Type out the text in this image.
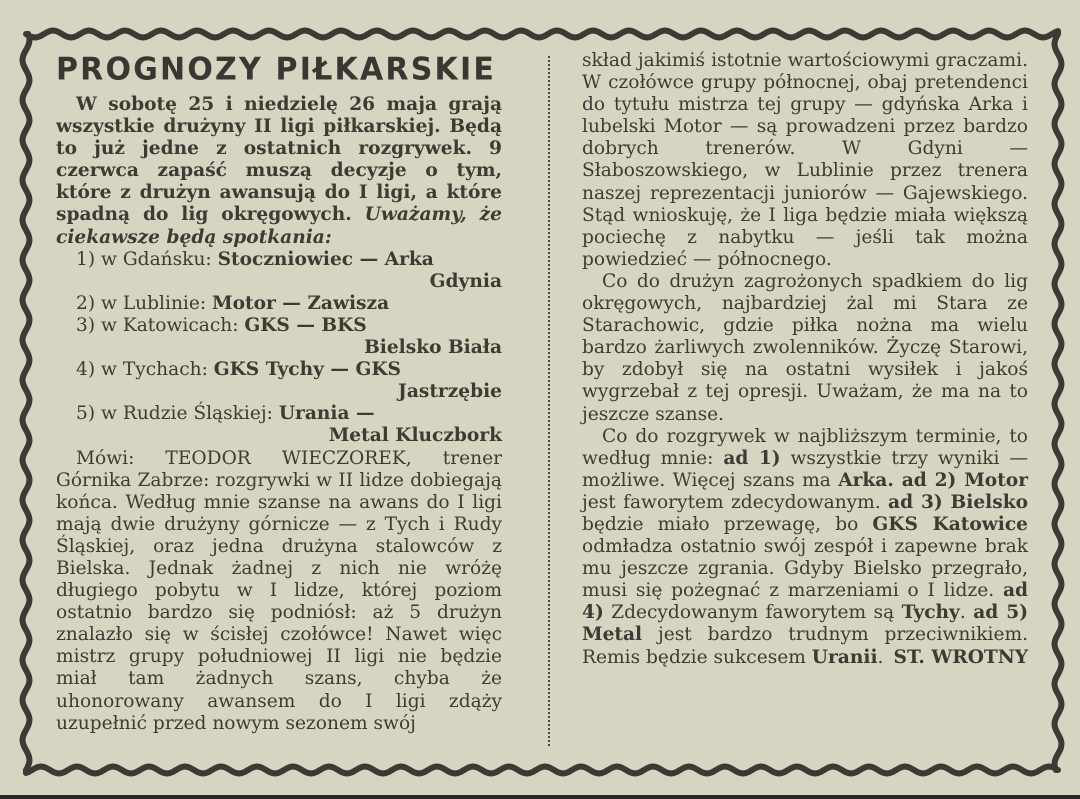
PROGNOZY PIŁKARSKIE

W sobotę 25 i niedzielę 26 maja grają wszystkie drużyny II ligi piłkarskiej. Będą to już jedne z ostatnich rozgrywek. 9 czerwca zapaść muszą decyzje o tym, które z drużyn awansują do I ligi, a które spadną do lig okręgowych. Uważamy, że ciekawsze będą spotkania:

1) w Gdańsku: Stoczniowiec — Arka
Gdynia
2) w Lublinie: Motor — Zawisza
3) w Katowicach: GKS — BKS
Bielsko Biała
4) w Tychach: GKS Tychy — GKS
Jastrzębie
5) w Rudzie Śląskiej: Urania —
Metal Kluczbork

Mówi: TEODOR WIECZOREK, trener Górnika Zabrze: rozgrywki w II lidze dobiegają końca. Według mnie szanse na awans do I ligi mają dwie drużyny górnicze — z Tych i Rudy Śląskiej, oraz jedna drużyna stalowców z Bielska. Jednak żadnej z nich nie wróżę długiego pobytu w I lidze, której poziom ostatnio bardzo się podniósł: aż 5 drużyn znalazło się w ścisłej czołówce! Nawet więc mistrz grupy południowej II ligi nie będzie miał tam żadnych szans, chyba że uhonorowany awansem do I ligi zdąży uzupełnić przed nowym sezonem swój

skład jakimiś istotnie wartościowymi graczami. W czołówce grupy północnej, obaj pretendenci do tytułu mistrza tej grupy — gdyńska Arka i lubelski Motor — są prowadzeni przez bardzo dobrych trenerów. W Gdyni — Słaboszowskiego, w Lublinie przez trenera naszej reprezentacji juniorów — Gajewskiego. Stąd wnioskuję, że I liga będzie miała większą pociechę z nabytku — jeśli tak można powiedzieć — północnego.

Co do drużyn zagrożonych spadkiem do lig okręgowych, najbardziej żal mi Stara ze Starachowic, gdzie piłka nożna ma wielu bardzo żarliwych zwolenników. Życzę Starowi, by zdobył się na ostatni wysiłek i jakoś wygrzebał z tej opresji. Uważam, że ma na to jeszcze szanse.

Co do rozgrywek w najbliższym terminie, to według mnie: ad 1) wszystkie trzy wyniki — możliwe. Więcej szans ma Arka. ad 2) Motor jest faworytem zdecydowanym. ad 3) Bielsko będzie miało przewagę, bo GKS Katowice odmładza ostatnio swój zespół i zapewne brak mu jeszcze zgrania. Gdyby Bielsko przegrało, musi się pożegnać z marzeniami o I lidze. ad 4) Zdecydowanym faworytem są Tychy. ad 5) Metal jest bardzo trudnym przeciwnikiem. Remis będzie sukcesem Uranii. ST. WROTNY
